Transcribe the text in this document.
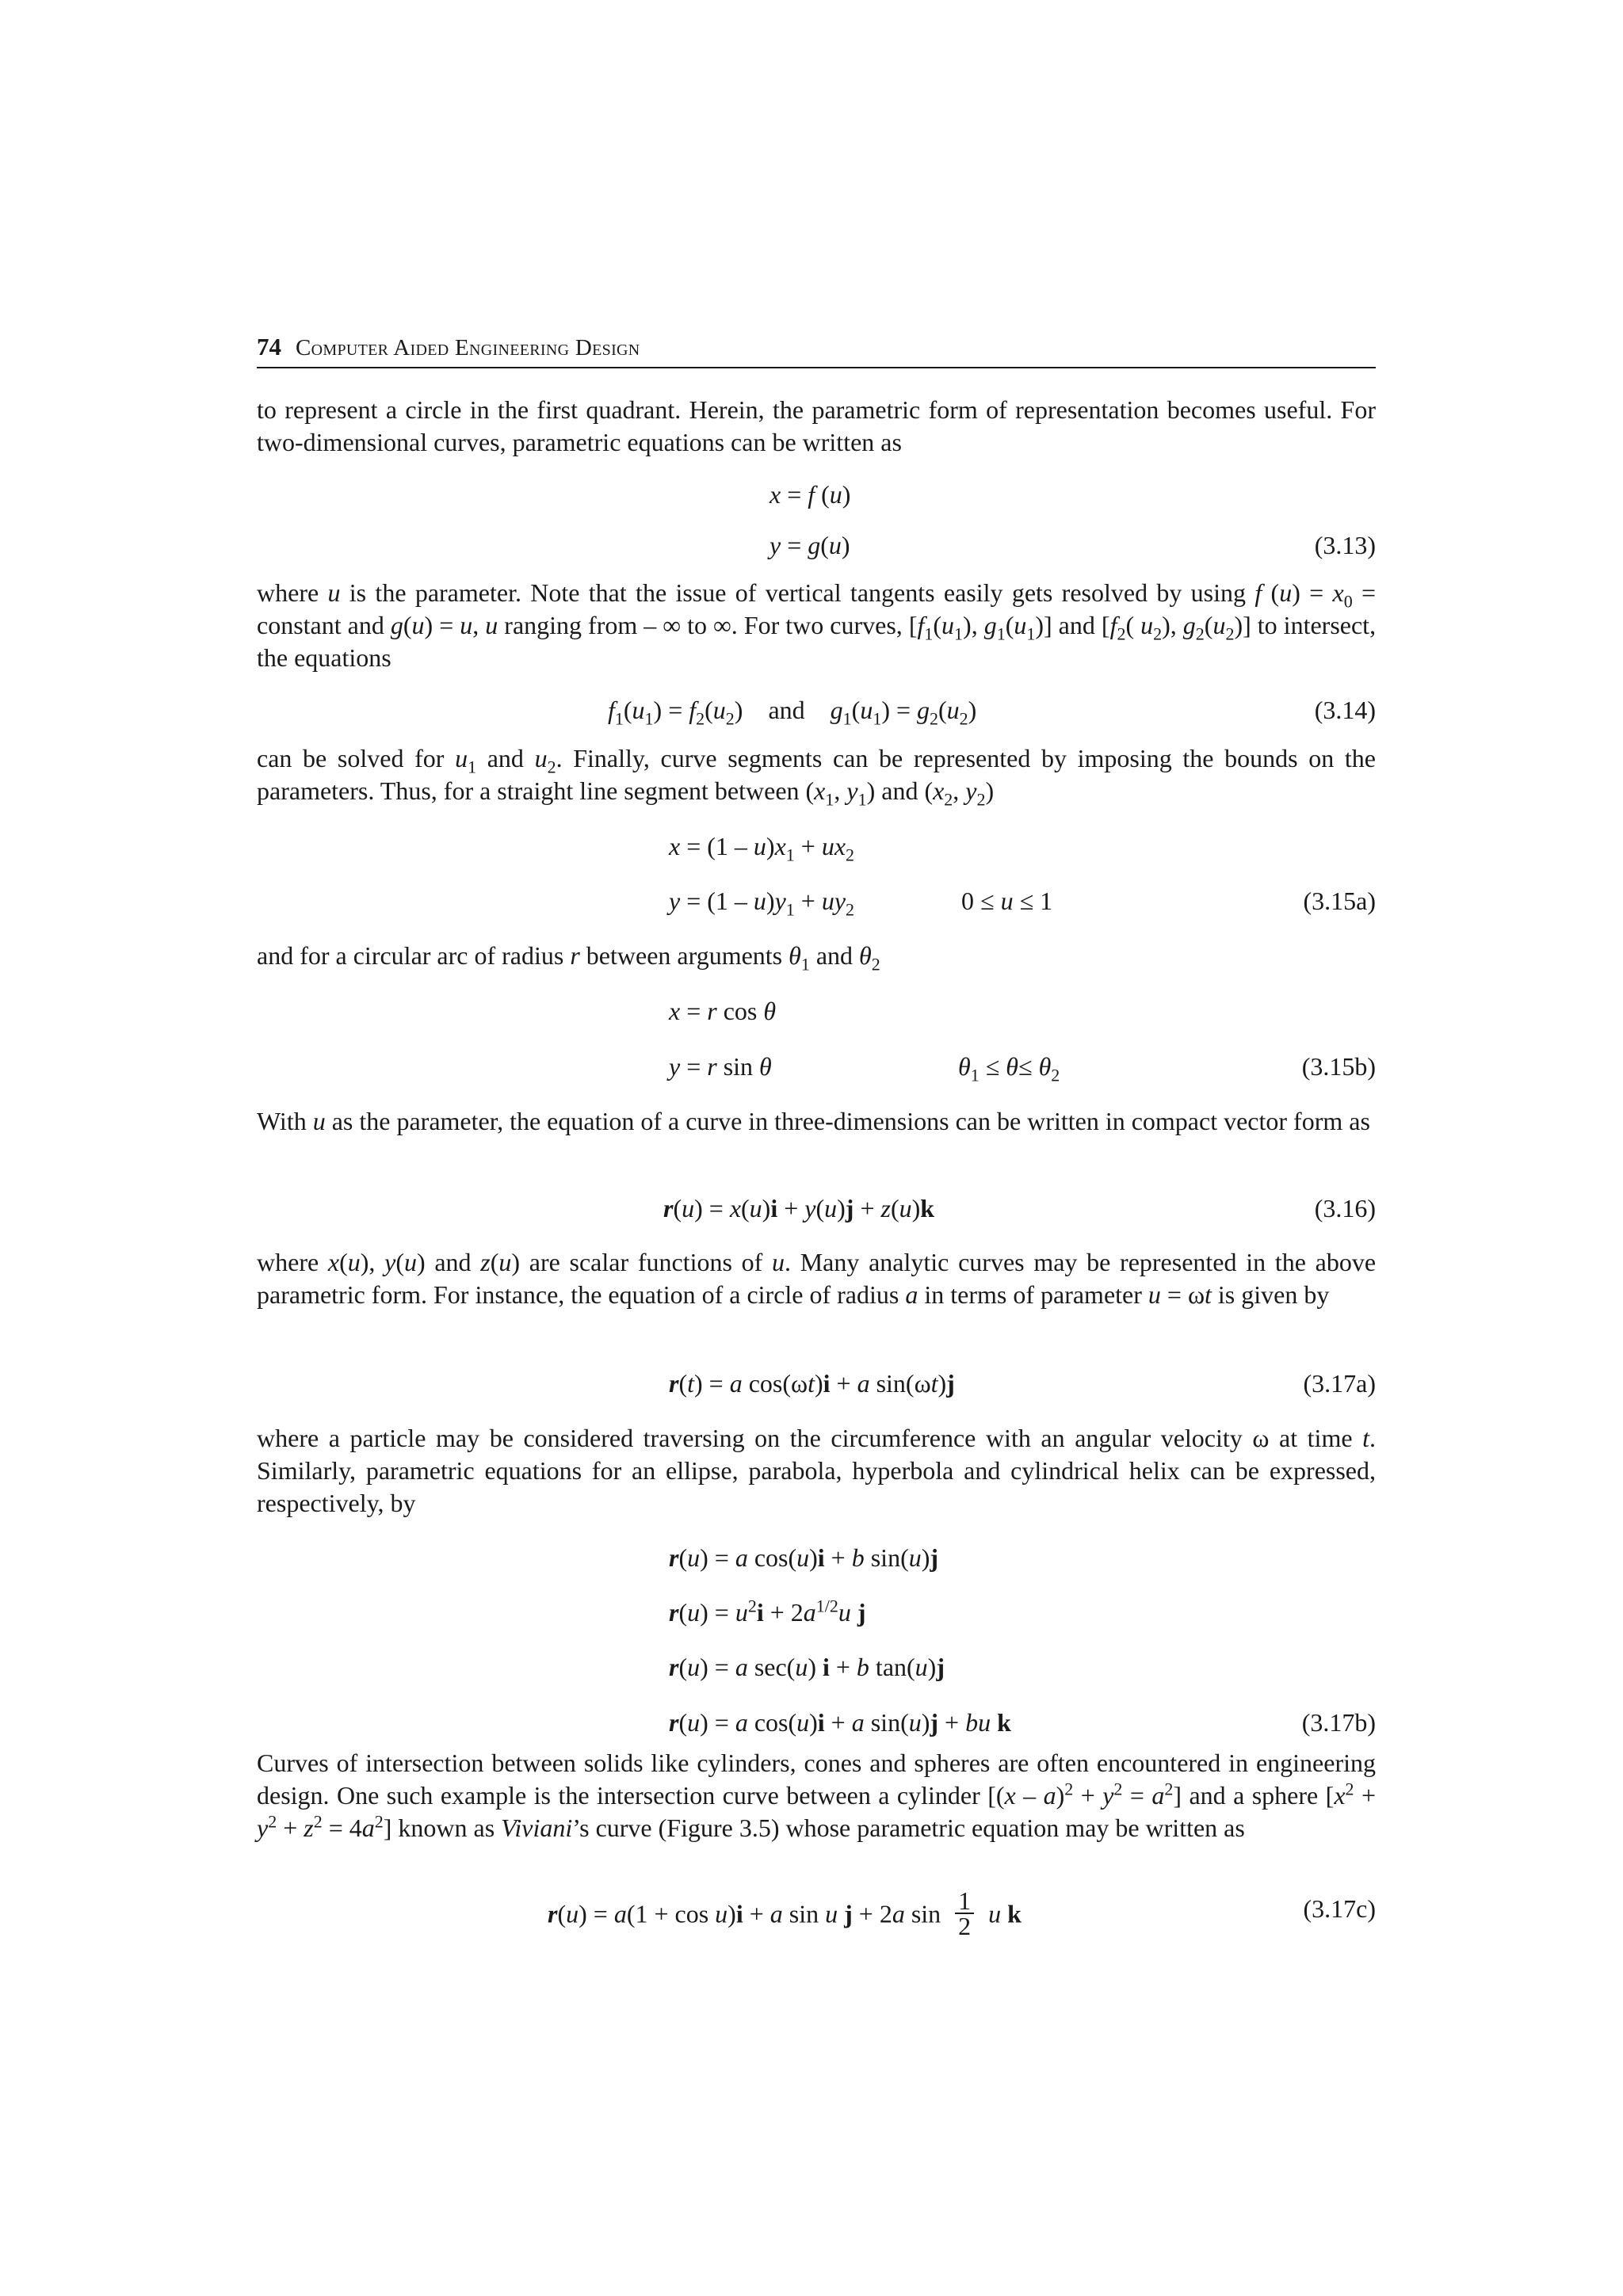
74 Computer Aided Engineering Design

to represent a circle in the first quadrant. Herein, the parametric form of representation becomes useful. For two-dimensional curves, parametric equations can be written as

x = f (u)
y = g(u)	(3.13)

where u is the parameter. Note that the issue of vertical tangents easily gets resolved by using f $(u) = x_0$ = constant and g(u) = u, u ranging from – ∞ to ∞. For two curves, [$f_1(u_1)$, $g_1(u_1)$] and [$f_2$( $u_2$), $g_2(u_2)$] to intersect, the equations

$f_1(u_1) = f_2(u_2)$    and    $g_1(u_1) = g_2(u_2)$	(3.14)

can be solved for $u_1$ and $u_2$. Finally, curve segments can be represented by imposing the bounds on the parameters. Thus, for a straight line segment between ($x_1$, $y_1$) and ($x_2$, $y_2$)

$x = (1 - u)x_1 + ux_2$
$y = (1 - u)y_1 + uy_2$	0 ≤ u ≤ 1	(3.15a)

and for a circular arc of radius r between arguments $\theta_1$ and $\theta_2$

x = r cos θ
y = r sin θ	$\theta_1 \le \theta\le \theta_2$	(3.15b)

With u as the parameter, the equation of a curve in three-dimensions can be written in compact vector form as

r(u) = x(u)i + y(u)j + z(u)k	(3.16)

where x(u), y(u) and z(u) are scalar functions of u. Many analytic curves may be represented in the above parametric form. For instance, the equation of a circle of radius a in terms of parameter u = ωt is given by

r(t) = a cos(ωt)i + a sin(ωt)j	(3.17a)

where a particle may be considered traversing on the circumference with an angular velocity ω at time t. Similarly, parametric equations for an ellipse, parabola, hyperbola and cylindrical helix can be expressed, respectively, by

r(u) = a cos(u)i + b sin(u)j
$r(u) = u^2i + 2a^{1/2}u$ j
r(u) = a sec(u) i + b tan(u)j
r(u) = a cos(u)i + a sin(u)j + bu k	(3.17b)

Curves of intersection between solids like cylinders, cones and spheres are often encountered in engineering design. One such example is the intersection curve between a cylinder $[(x - a)^2 + y^2 = a^2]$ and a sphere $[x^2 + y^2 + z^2 = 4a^2]$ known as Viviani’s curve (Figure 3.5) whose parametric equation may be written as

r(u) = a(1 + cos u)i + a sin u j + 2a $\sin \frac{1}{2}$ u k	(3.17c)
